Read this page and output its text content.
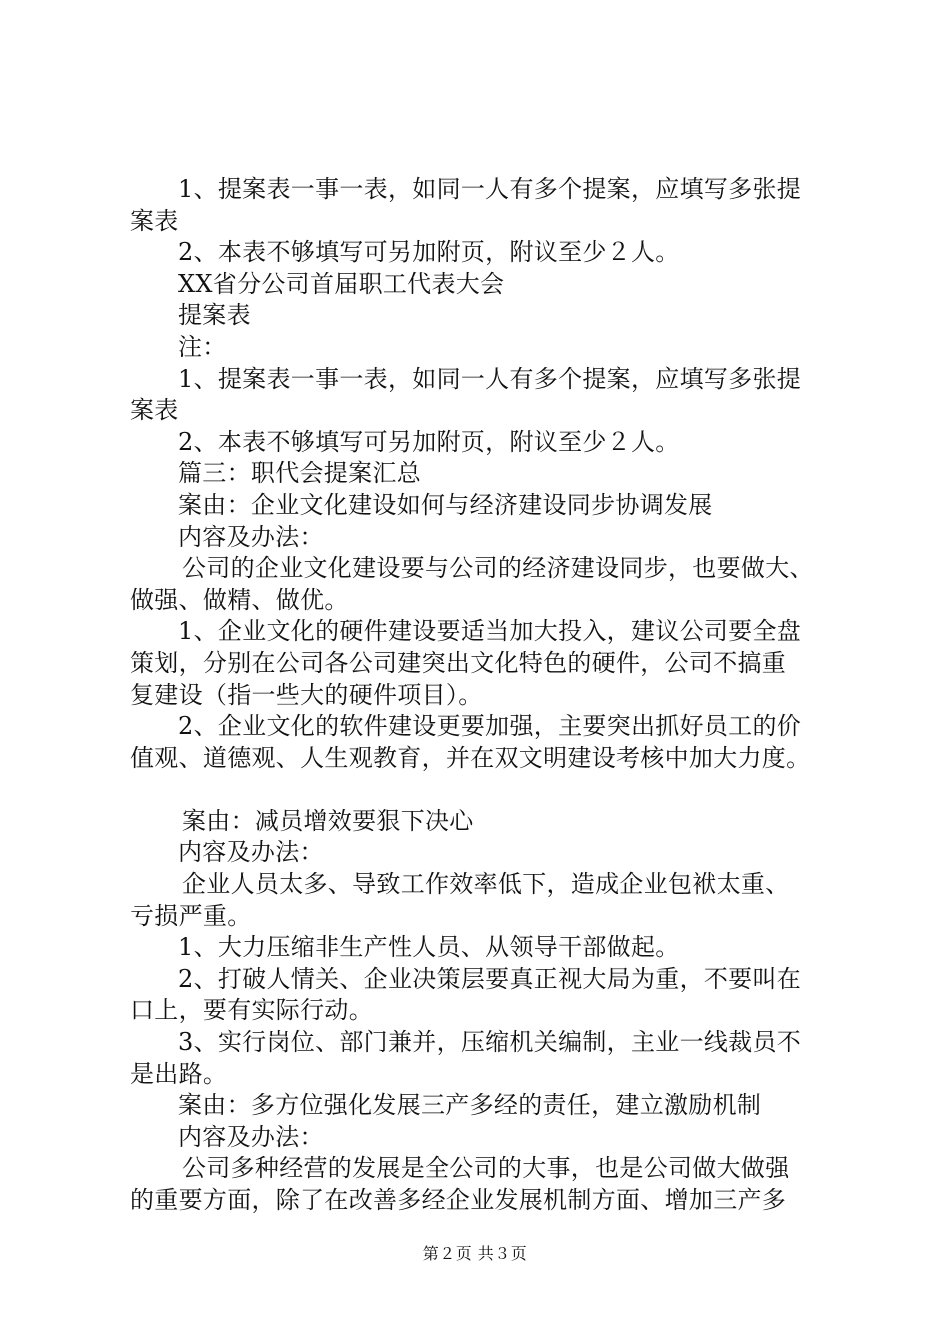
1、提案表一事一表，如同一人有多个提案，应填写多张提
案表
2、本表不够填写可另加附页，附议至少２人。
XX省分公司首届职工代表大会
提案表
注：
1、提案表一事一表，如同一人有多个提案，应填写多张提
案表
2、本表不够填写可另加附页，附议至少２人。
篇三：职代会提案汇总
案由：企业文化建设如何与经济建设同步协调发展
内容及办法：
公司的企业文化建设要与公司的经济建设同步，也要做大、
做强、做精、做优。
1、企业文化的硬件建设要适当加大投入，建议公司要全盘
策划，分别在公司各公司建突出文化特色的硬件，公司不搞重
复建设（指一些大的硬件项目）。
2、企业文化的软件建设更要加强，主要突出抓好员工的价
值观、道德观、人生观教育，并在双文明建设考核中加大力度。
案由：减员增效要狠下决心
内容及办法：
企业人员太多、导致工作效率低下，造成企业包袱太重、
亏损严重。
1、大力压缩非生产性人员、从领导干部做起。
2、打破人情关、企业决策层要真正视大局为重，不要叫在
口上，要有实际行动。
3、实行岗位、部门兼并，压缩机关编制，主业一线裁员不
是出路。
案由：多方位强化发展三产多经的责任，建立激励机制
内容及办法：
公司多种经营的发展是全公司的大事，也是公司做大做强
的重要方面，除了在改善多经企业发展机制方面、增加三产多
第２页 共３页
